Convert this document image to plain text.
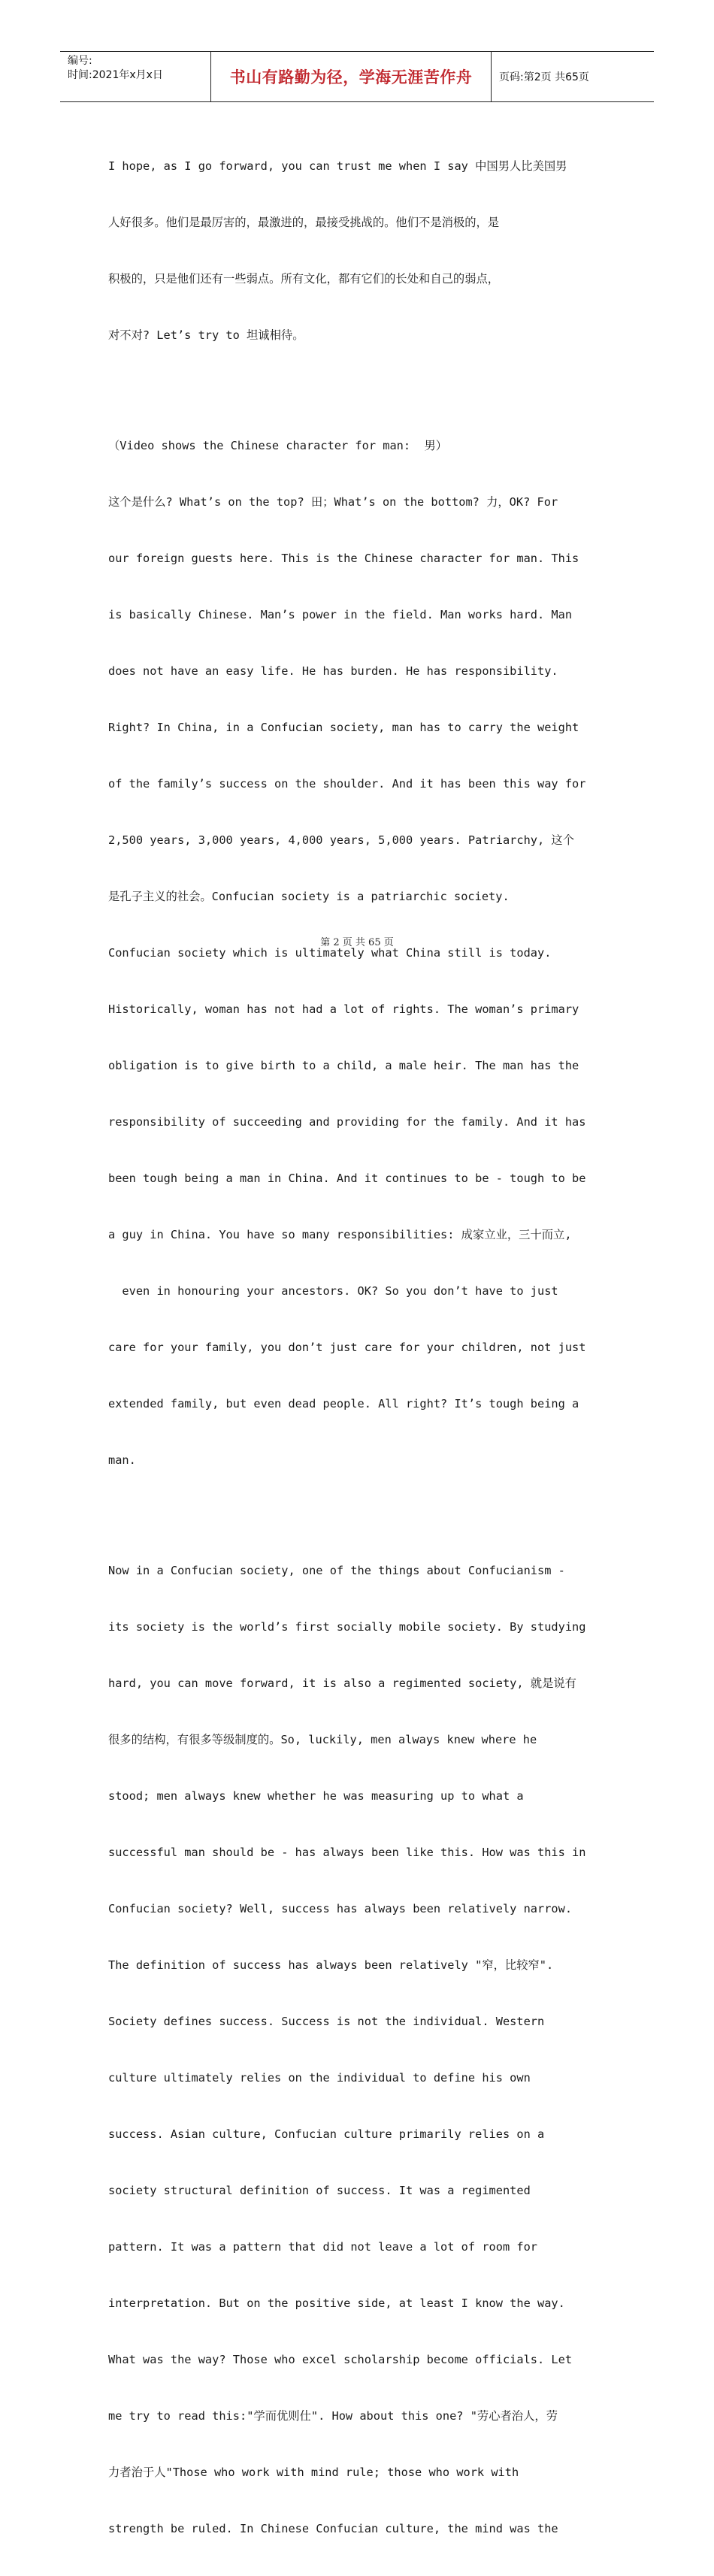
编号:
时间:2021年x月x日	书山有路勤为径，学海无涯苦作舟	页码:第2页 共65页

I hope, as I go forward, you can trust me when I say 中国男人比美国男

人好很多。他们是最厉害的，最激进的，最接受挑战的。他们不是消极的，是

积极的，只是他们还有一些弱点。所有文化，都有它们的长处和自己的弱点，

对不对? Let’s try to 坦诚相待。

（Video shows the Chinese character for man:  男）

这个是什么? What’s on the top? 田；What’s on the bottom? 力，OK? For

our foreign guests here. This is the Chinese character for man. This

is basically Chinese. Man’s power in the field. Man works hard. Man

does not have an easy life. He has burden. He has responsibility.

Right? In China, in a Confucian society, man has to carry the weight

of the family’s success on the shoulder. And it has been this way for

2,500 years, 3,000 years, 4,000 years, 5,000 years. Patriarchy, 这个

是孔子主义的社会。Confucian society is a patriarchic society.

Confucian society which is ultimately what China still is today.

Historically, woman has not had a lot of rights. The woman’s primary

obligation is to give birth to a child, a male heir. The man has the

responsibility of succeeding and providing for the family. And it has

been tough being a man in China. And it continues to be - tough to be

a guy in China. You have so many responsibilities: 成家立业，三十而立,

even in honouring your ancestors. OK? So you don’t have to just

care for your family, you don’t just care for your children, not just

extended family, but even dead people. All right? It’s tough being a

man.

Now in a Confucian society, one of the things about Confucianism -

its society is the world’s first socially mobile society. By studying

hard, you can move forward, it is also a regimented society, 就是说有

很多的结构，有很多等级制度的。So, luckily, men always knew where he

stood; men always knew whether he was measuring up to what a

successful man should be - has always been like this. How was this in

Confucian society? Well, success has always been relatively narrow.

The definition of success has always been relatively "窄，比较窄".

Society defines success. Success is not the individual. Western

culture ultimately relies on the individual to define his own

success. Asian culture, Confucian culture primarily relies on a

society structural definition of success. It was a regimented

pattern. It was a pattern that did not leave a lot of room for

interpretation. But on the positive side, at least I know the way.

What was the way? Those who excel scholarship become officials. Let

me try to read this:"学而优则仕". How about this one? "劳心者治人，劳

力者治于人"Those who work with mind rule; those who work with

strength be ruled. In Chinese Confucian culture, the mind was the

第 2 页 共 65 页
